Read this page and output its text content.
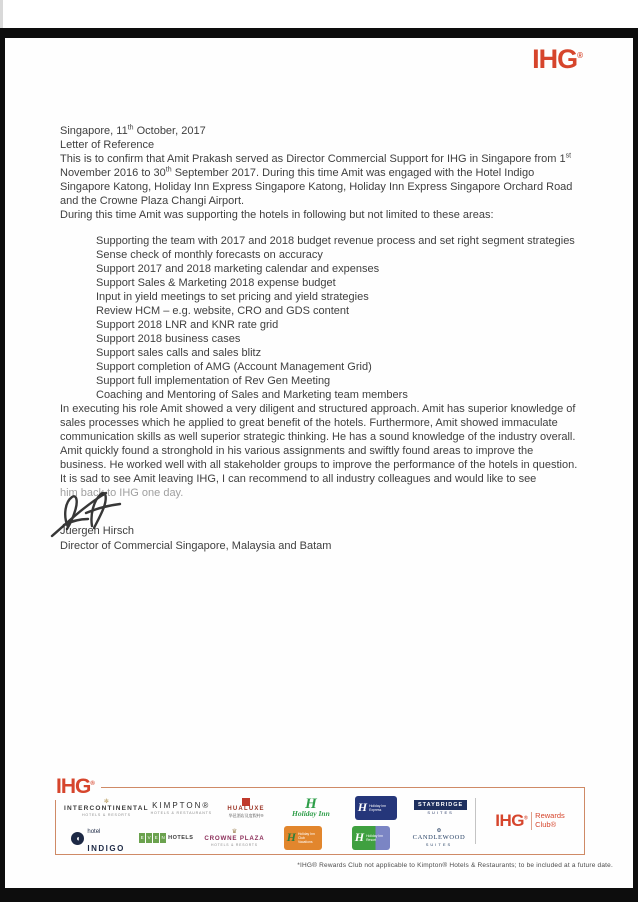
IHG®
Singapore, 11th October, 2017
Letter of Reference

This is to confirm that Amit Prakash served as Director Commercial Support for IHG in Singapore from 1st November 2016 to 30th September 2017. During this time Amit was engaged with the Hotel Indigo Singapore Katong, Holiday Inn Express Singapore Katong, Holiday Inn Express Singapore Orchard Road and the Crowne Plaza Changi Airport.

During this time Amit was supporting the hotels in following but not limited to these areas:

Supporting the team with 2017 and 2018 budget revenue process and set right segment strategies
Sense check of monthly forecasts on accuracy
Support 2017 and 2018 marketing calendar and expenses
Support Sales & Marketing 2018 expense budget
Input in yield meetings to set pricing and yield strategies
Review HCM – e.g. website, CRO and GDS content
Support 2018 LNR and KNR rate grid
Support 2018 business cases
Support sales calls and sales blitz
Support completion of AMG (Account Management Grid)
Support full implementation of Rev Gen Meeting
Coaching and Mentoring of Sales and Marketing team members

In executing his role Amit showed a very diligent and structured approach. Amit has superior knowledge of sales processes which he applied to great benefit of the hotels. Furthermore, Amit showed immaculate communication skills as well superior strategic thinking. He has a sound knowledge of the industry overall.

Amit quickly found a stronghold in his various assignments and swiftly found areas to improve the business. He worked well with all stakeholder groups to improve the performance of the hotels in question.

It is sad to see Amit leaving IHG, I can recommend to all industry colleagues and would like to see
him back to IHG one day.

Juergen Hirsch
Director of Commercial Singapore, Malaysia and Batam
IHG®
✻
INTERCONTINENTAL
HOTELS & RESORTS
KIMPTON®
HOTELS & RESTAURANTS
HUALUXE
华邑酒店及度假村®
H
Holiday Inn H Holiday Inn
Express
STAYBRIDGE
SUITES
◖
hotel
INDIGO
E V E N HOTELS
♛
CROWNE PLAZA
HOTELS & RESORTS
H Holiday Inn
Club
Vacations	H Holiday Inn
Resort
❂
CANDLEWOOD
SUITES
IHG®	Rewards
Club®
*IHG® Rewards Club not applicable to Kimpton® Hotels & Restaurants; to be included at a future date.
